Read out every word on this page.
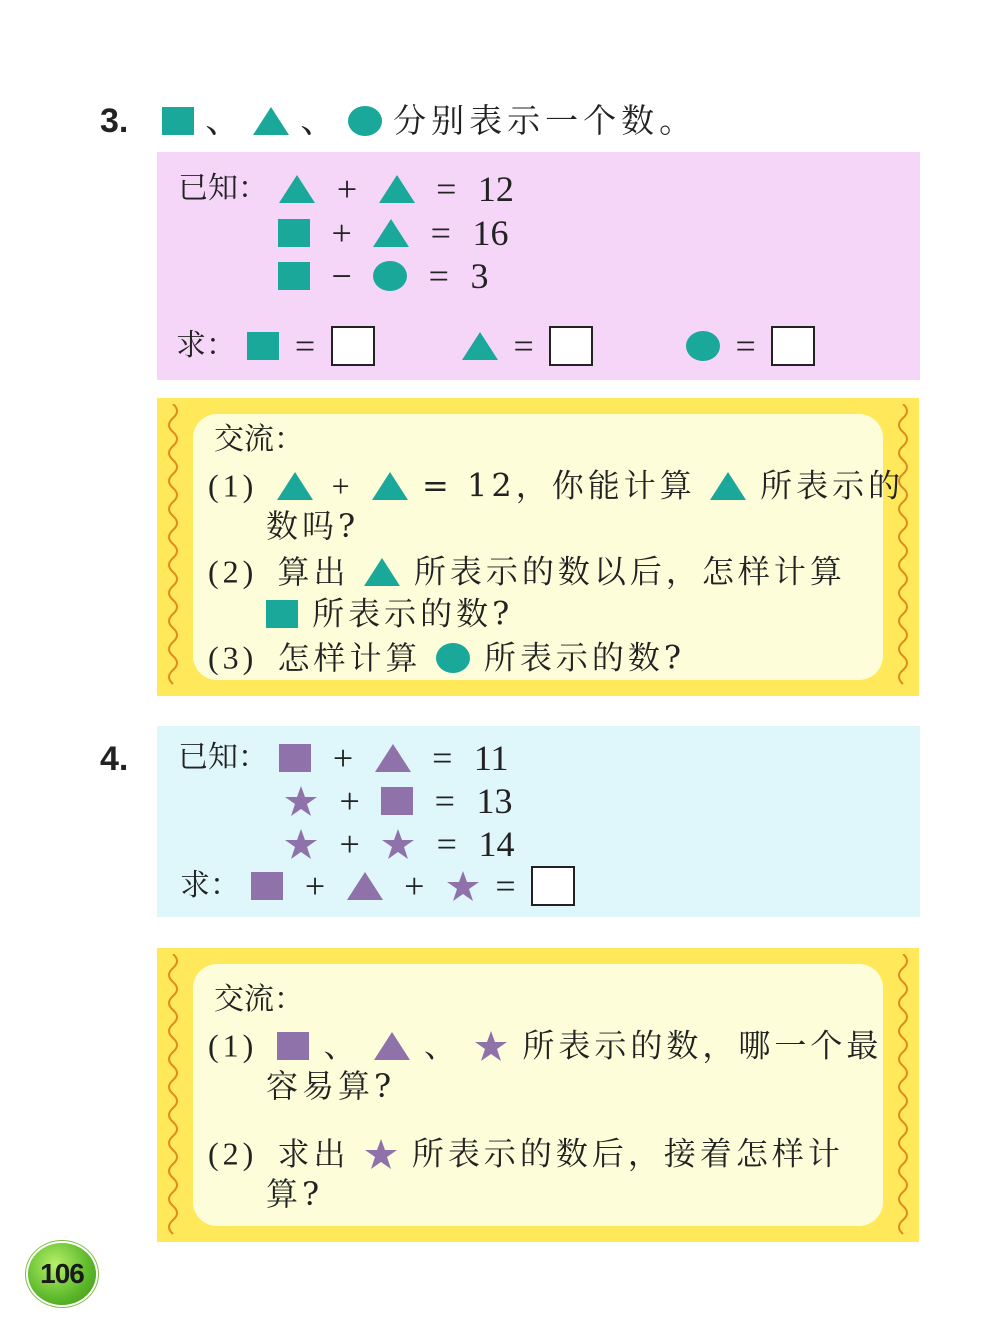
3. 、 、 分别表示一个数。
已知： + = 12
+ = 16
− = 3
求： =	=	=
交流：
(1) + = 12，你能计算 所表示的
数吗?
(2) 算出 所表示的数以后，怎样计算
所表示的数?
(3) 怎样计算 所表示的数?
4. 已知： + = 11
+ = 13
+ = 14
求： + + =
交流：
(1) 、 、 所表示的数，哪一个最
容易算?
(2) 求出 所表示的数后，接着怎样计
算?
106
